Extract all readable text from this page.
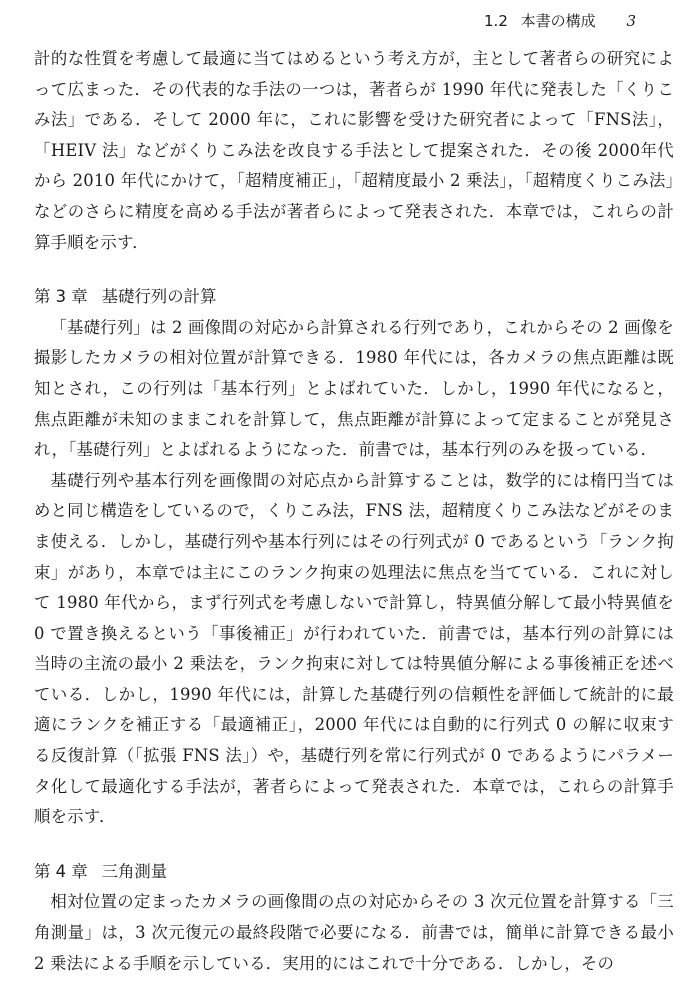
1.2 本書の構成 3

計的な性質を考慮して最適に当てはめるという考え方が，主として著者らの研究によって広まった．その代表的な手法の一つは，著者らが 1990 年代に発表した「くりこみ法」である．そして 2000 年に，これに影響を受けた研究者によって「FNS法」，「HEIV 法」などがくりこみ法を改良する手法として提案された．その後 2000年代から 2010 年代にかけて，「超精度補正」，「超精度最小 2 乗法」，「超精度くりこみ法」などのさらに精度を高める手法が著者らによって発表された．本章では，これらの計算手順を示す．

第 3 章 基礎行列の計算

「基礎行列」は 2 画像間の対応から計算される行列であり，これからその 2 画像を撮影したカメラの相対位置が計算できる．1980 年代には，各カメラの焦点距離は既知とされ，この行列は「基本行列」とよばれていた．しかし，1990 年代になると，焦点距離が未知のままこれを計算して，焦点距離が計算によって定まることが発見され，「基礎行列」とよばれるようになった．前書では，基本行列のみを扱っている．

基礎行列や基本行列を画像間の対応点から計算することは，数学的には楕円当てはめと同じ構造をしているので，くりこみ法，FNS 法，超精度くりこみ法などがそのまま使える．しかし，基礎行列や基本行列にはその行列式が 0 であるという「ランク拘束」があり，本章では主にこのランク拘束の処理法に焦点を当てている．これに対して 1980 年代から，まず行列式を考慮しないで計算し，特異値分解して最小特異値を 0 で置き換えるという「事後補正」が行われていた．前書では，基本行列の計算には当時の主流の最小 2 乗法を，ランク拘束に対しては特異値分解による事後補正を述べている．しかし，1990 年代には，計算した基礎行列の信頼性を評価して統計的に最適にランクを補正する「最適補正」，2000 年代には自動的に行列式 0 の解に収束する反復計算（「拡張 FNS 法」）や，基礎行列を常に行列式が 0 であるようにパラメータ化して最適化する手法が，著者らによって発表された．本章では，これらの計算手順を示す．

第 4 章 三角測量

相対位置の定まったカメラの画像間の点の対応からその 3 次元位置を計算する「三角測量」は，3 次元復元の最終段階で必要になる．前書では，簡単に計算できる最小 2 乗法による手順を示している．実用的にはこれで十分である．しかし，その
